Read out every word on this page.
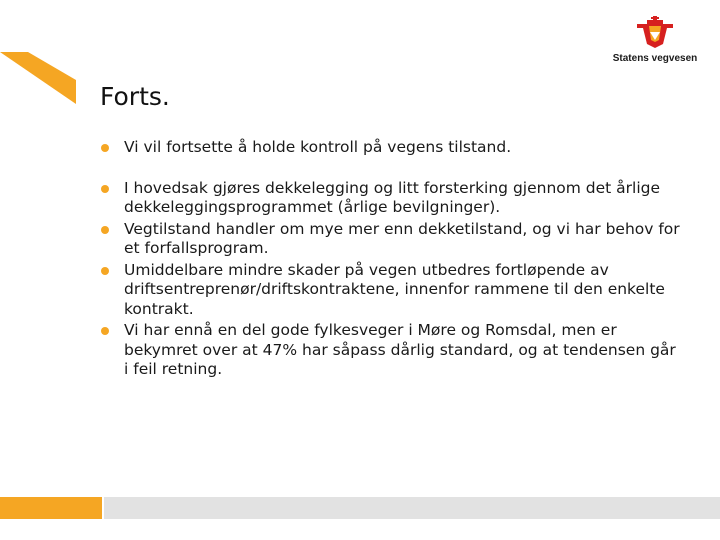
Statens vegvesen
Forts.
Vi vil fortsette å holde kontroll på vegens tilstand.
I hovedsak gjøres dekkelegging og litt forsterking gjennom det årlige dekkeleggingsprogrammet (årlige bevilgninger).
Vegtilstand handler om mye mer enn dekketilstand, og vi har behov for et forfallsprogram.
Umiddelbare mindre skader på vegen utbedres fortløpende av driftsentreprenør/driftskontraktene, innenfor rammene til den enkelte kontrakt.
Vi har ennå en del gode fylkesveger i Møre og Romsdal, men er bekymret over at 47% har såpass dårlig standard, og at tendensen går i feil retning.
